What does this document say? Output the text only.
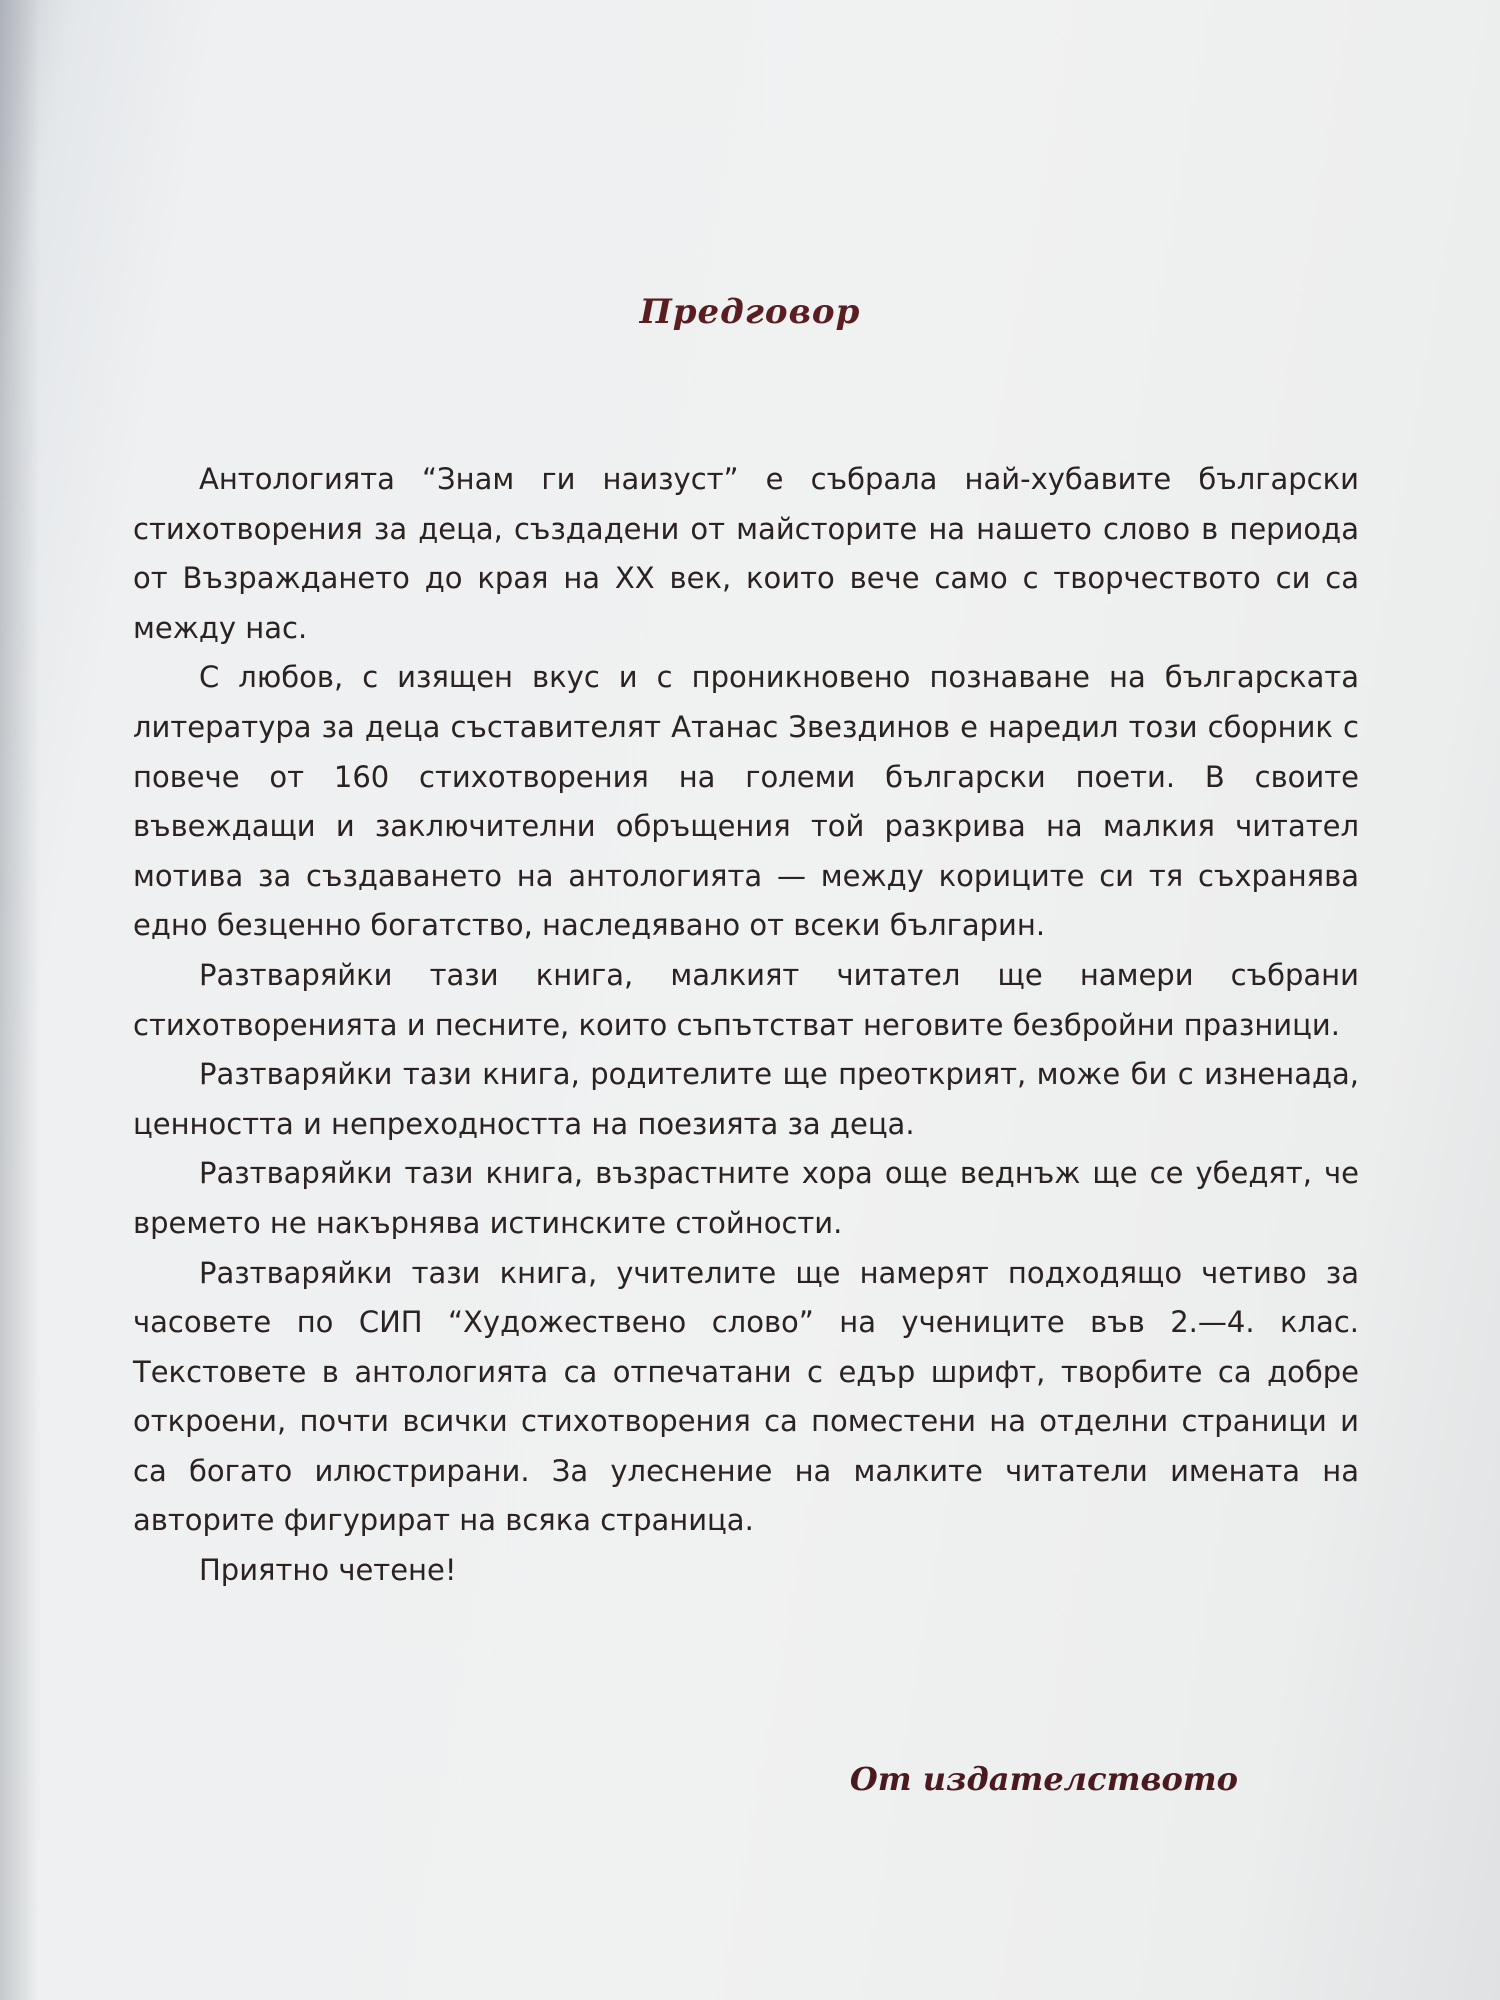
Предговор

Антологията “Знам ги наизуст” е събрала най-хубавите български стихотворения за деца, създадени от майсторите на нашето слово в периода от Възраждането до края на XX век, които вече само с творчеството си са между нас.

С любов, с изящен вкус и с проникновено познаване на българската литература за деца съставителят Атанас Звездинов е наредил този сборник с повече от 160 стихотворения на големи български поети. В своите въвеждащи и заключителни обръщения той разкрива на малкия читател мотива за създаването на антологията — между кориците си тя съхранява едно безценно богатство, наследявано от всеки българин.

Разтваряйки тази книга, малкият читател ще намери събрани стихотворенията и песните, които съпътстват неговите безбройни празници.

Разтваряйки тази книга, родителите ще преоткрият, може би с изненада, ценността и непреходността на поезията за деца.

Разтваряйки тази книга, възрастните хора още веднъж ще се убедят, че времето не накърнява истинските стойности.

Разтваряйки тази книга, учителите ще намерят подходящо четиво за часовете по СИП “Художествено слово” на учениците във 2.—4. клас. Текстовете в антологията са отпечатани с едър шрифт, творбите са добре откроени, почти всички стихотворения са поместени на отделни страници и са богато илюстрирани. За улеснение на малките читатели имената на авторите фигурират на всяка страница.

Приятно четене!

От издателството
